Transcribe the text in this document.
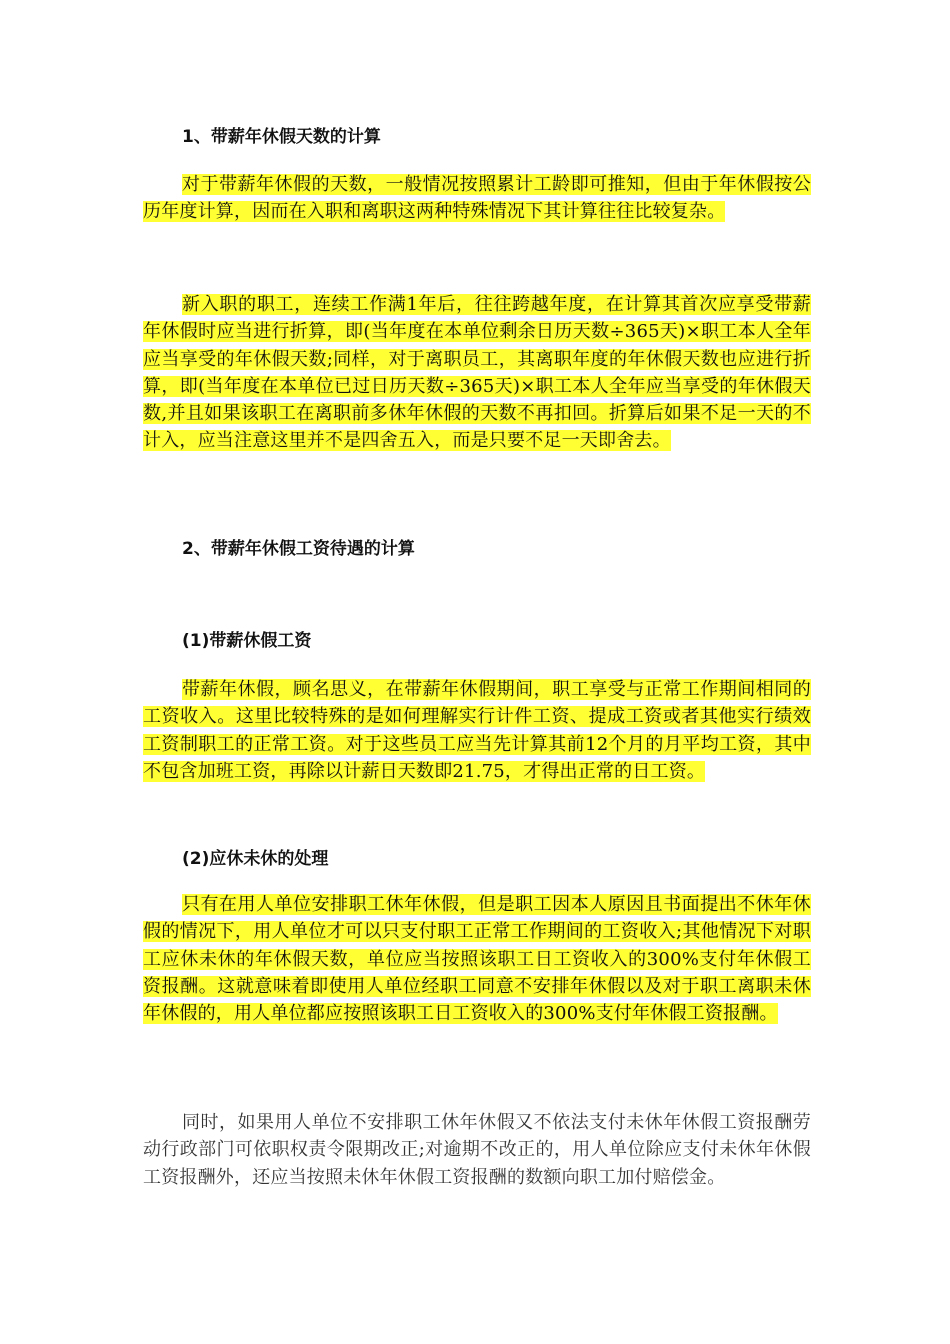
1、带薪年休假天数的计算
对于带薪年休假的天数，一般情况按照累计工龄即可推知，但由于年休假按公历年度计算，因而在入职和离职这两种特殊情况下其计算往往比较复杂。
新入职的职工，连续工作满1年后，往往跨越年度，在计算其首次应享受带薪年休假时应当进行折算，即(当年度在本单位剩余日历天数÷365天)×职工本人全年应当享受的年休假天数;同样，对于离职员工，其离职年度的年休假天数也应进行折算，即(当年度在本单位已过日历天数÷365天)×职工本人全年应当享受的年休假天数,并且如果该职工在离职前多休年休假的天数不再扣回。折算后如果不足一天的不计入，应当注意这里并不是四舍五入，而是只要不足一天即舍去。
2、带薪年休假工资待遇的计算
(1)带薪休假工资
带薪年休假，顾名思义，在带薪年休假期间，职工享受与正常工作期间相同的工资收入。这里比较特殊的是如何理解实行计件工资、提成工资或者其他实行绩效工资制职工的正常工资。对于这些员工应当先计算其前12个月的月平均工资，其中不包含加班工资，再除以计薪日天数即21.75，才得出正常的日工资。
(2)应休未休的处理
只有在用人单位安排职工休年休假，但是职工因本人原因且书面提出不休年休假的情况下，用人单位才可以只支付职工正常工作期间的工资收入;其他情况下对职工应休未休的年休假天数，单位应当按照该职工日工资收入的300%支付年休假工资报酬。这就意味着即使用人单位经职工同意不安排年休假以及对于职工离职未休年休假的，用人单位都应按照该职工日工资收入的300%支付年休假工资报酬。
同时，如果用人单位不安排职工休年休假又不依法支付未休年休假工资报酬劳动行政部门可依职权责令限期改正;对逾期不改正的，用人单位除应支付未休年休假工资报酬外，还应当按照未休年休假工资报酬的数额向职工加付赔偿金。
